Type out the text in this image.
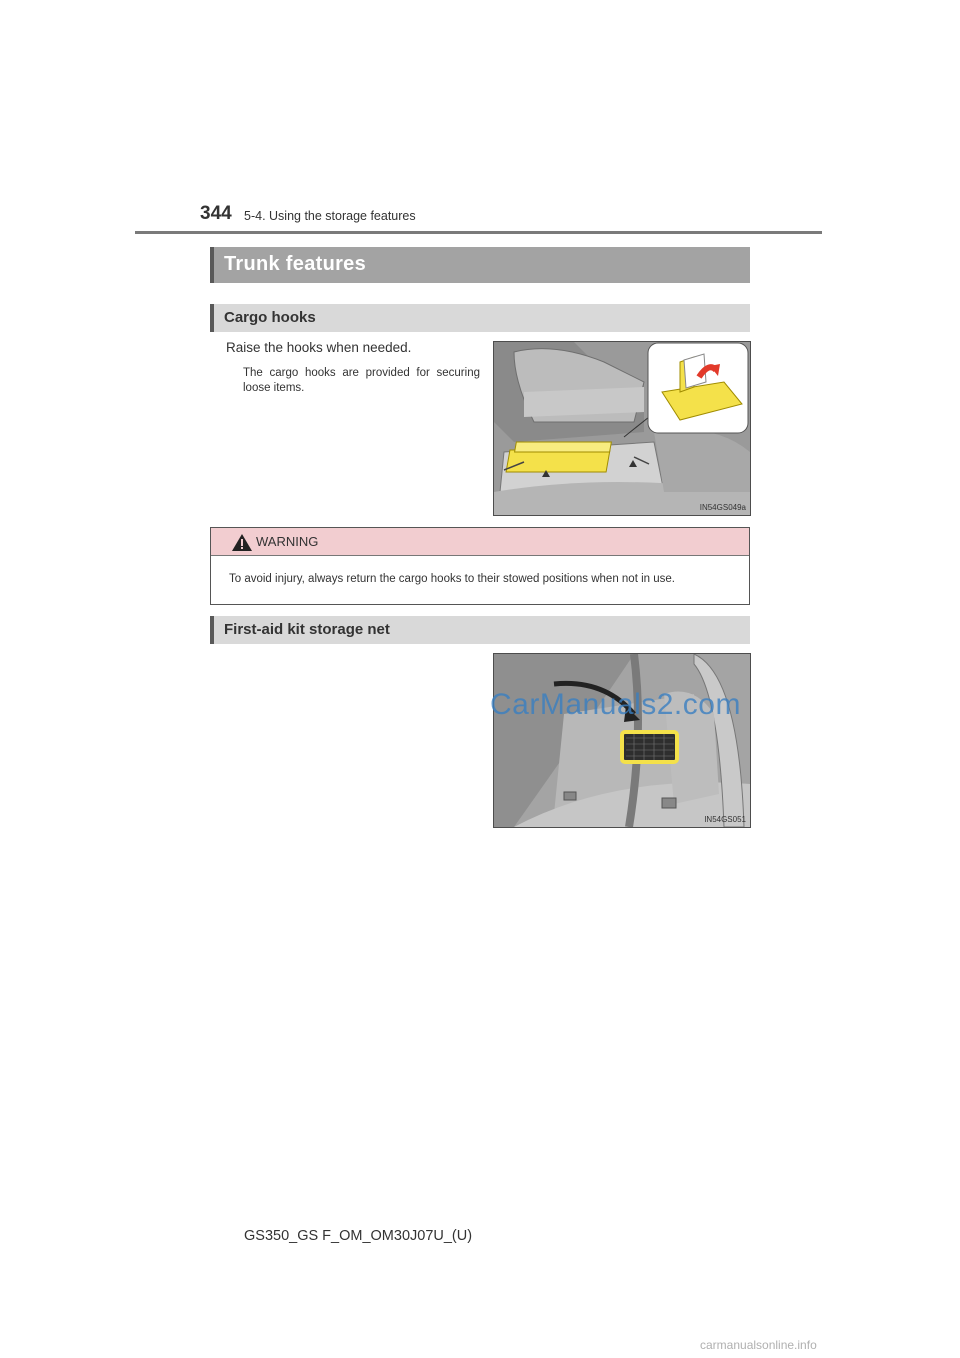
344 5-4. Using the storage features
Trunk features
Cargo hooks
Raise the hooks when needed.
The cargo hooks are provided for securing loose items.
IN54GS049a
WARNING
To avoid injury, always return the cargo hooks to their stowed positions when not in use.
First-aid kit storage net
IN54GS051
CarManuals2.com
GS350_GS F_OM_OM30J07U_(U)
carmanualsonline.info
